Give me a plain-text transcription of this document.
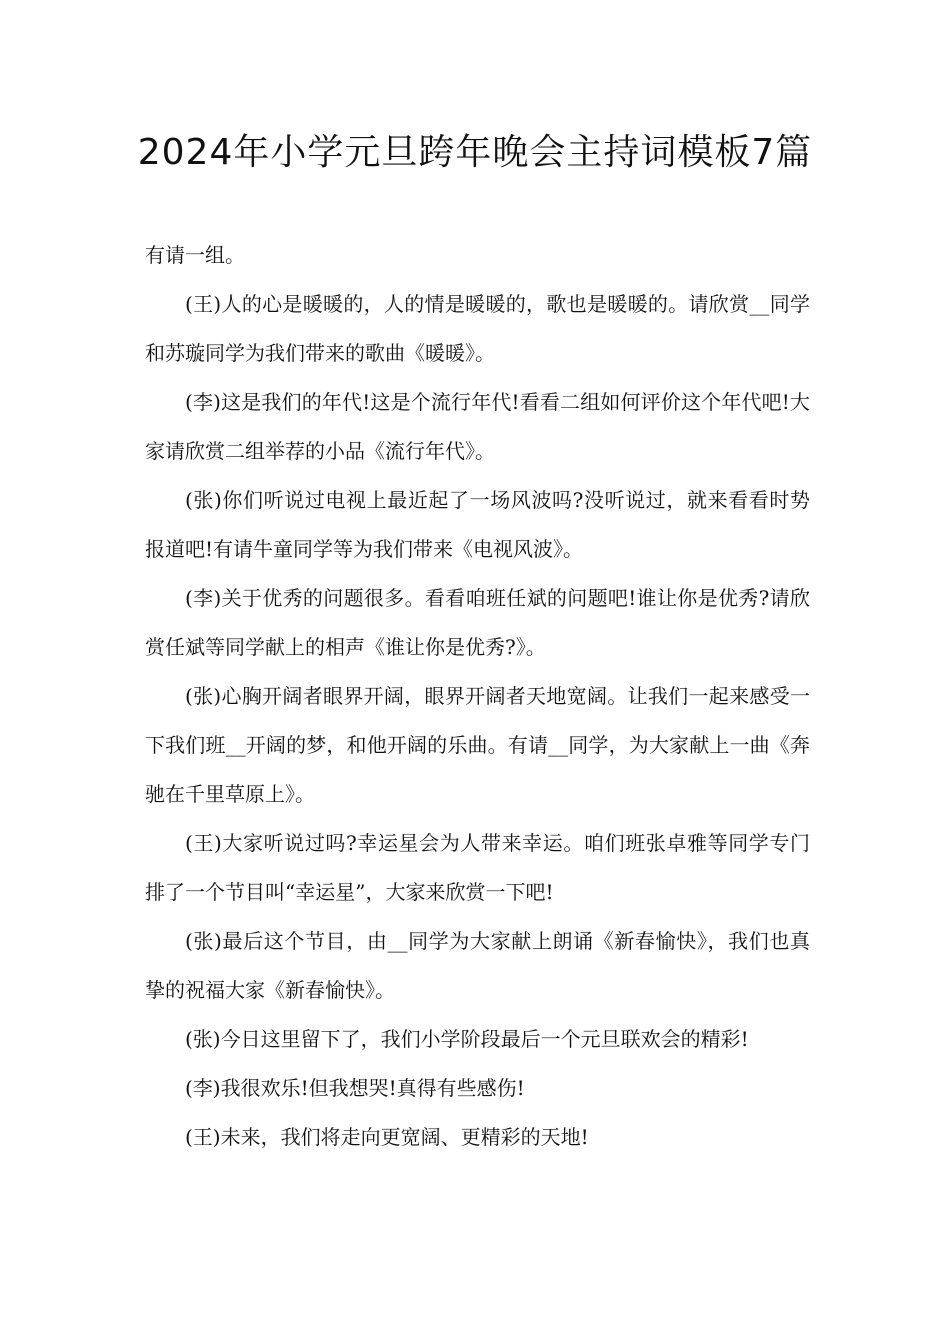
2024年小学元旦跨年晚会主持词模板7篇

有请一组。

(王)人的心是暖暖的，人的情是暖暖的，歌也是暖暖的。请欣赏__同学和苏璇同学为我们带来的歌曲《暖暖》。

(李)这是我们的年代!这是个流行年代!看看二组如何评价这个年代吧!大家请欣赏二组举荐的小品《流行年代》。

(张)你们听说过电视上最近起了一场风波吗?没听说过，就来看看时势报道吧!有请牛童同学等为我们带来《电视风波》。

(李)关于优秀的问题很多。看看咱班任斌的问题吧!谁让你是优秀?请欣赏任斌等同学献上的相声《谁让你是优秀?》。

(张)心胸开阔者眼界开阔，眼界开阔者天地宽阔。让我们一起来感受一下我们班__开阔的梦，和他开阔的乐曲。有请__同学，为大家献上一曲《奔驰在千里草原上》。

(王)大家听说过吗?幸运星会为人带来幸运。咱们班张卓雅等同学专门排了一个节目叫“幸运星”，大家来欣赏一下吧!

(张)最后这个节目，由__同学为大家献上朗诵《新春愉快》，我们也真挚的祝福大家《新春愉快》。

(张)今日这里留下了，我们小学阶段最后一个元旦联欢会的精彩!

(李)我很欢乐!但我想哭!真得有些感伤!

(王)未来，我们将走向更宽阔、更精彩的天地!
